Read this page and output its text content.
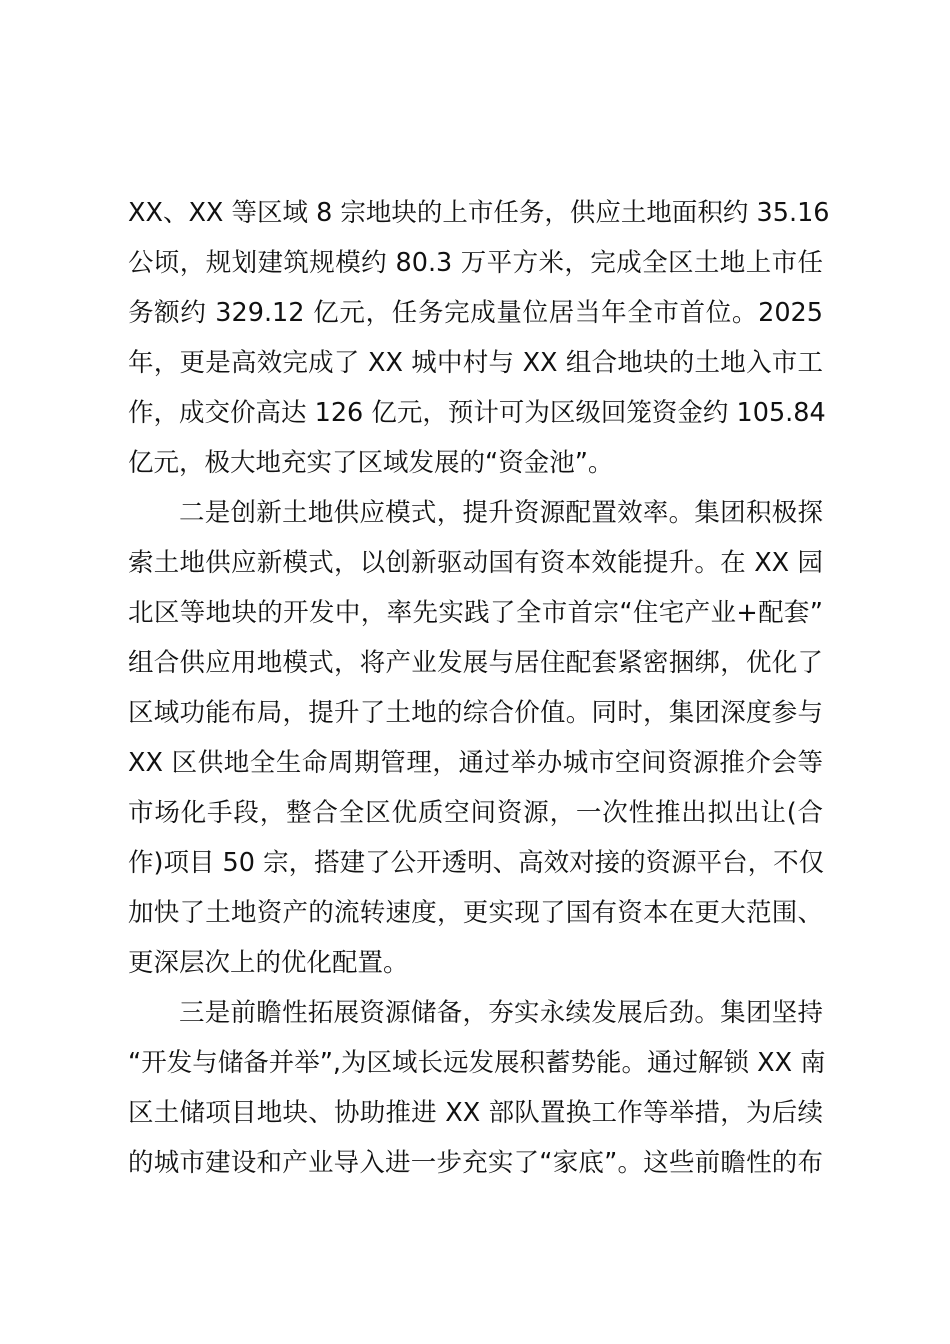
XX、XX 等区域 8 宗地块的上市任务，供应土地面积约 35.16
公顷，规划建筑规模约 80.3 万平方米，完成全区土地上市任
务额约 329.12 亿元，任务完成量位居当年全市首位。2025
年，更是高效完成了 XX 城中村与 XX 组合地块的土地入市工
作，成交价高达 126 亿元，预计可为区级回笼资金约 105.84
亿元，极大地充实了区域发展的“资金池”。
二是创新土地供应模式，提升资源配置效率。集团积极探
索土地供应新模式，以创新驱动国有资本效能提升。在 XX 园
北区等地块的开发中，率先实践了全市首宗“住宅产业+配套”
组合供应用地模式，将产业发展与居住配套紧密捆绑，优化了
区域功能布局，提升了土地的综合价值。同时，集团深度参与
XX 区供地全生命周期管理，通过举办城市空间资源推介会等
市场化手段，整合全区优质空间资源，一次性推出拟出让(合
作)项目 50 宗，搭建了公开透明、高效对接的资源平台，不仅
加快了土地资产的流转速度，更实现了国有资本在更大范围、
更深层次上的优化配置。
三是前瞻性拓展资源储备，夯实永续发展后劲。集团坚持
“开发与储备并举”,为区域长远发展积蓄势能。通过解锁 XX 南
区土储项目地块、协助推进 XX 部队置换工作等举措，为后续
的城市建设和产业导入进一步充实了“家底”。这些前瞻性的布
